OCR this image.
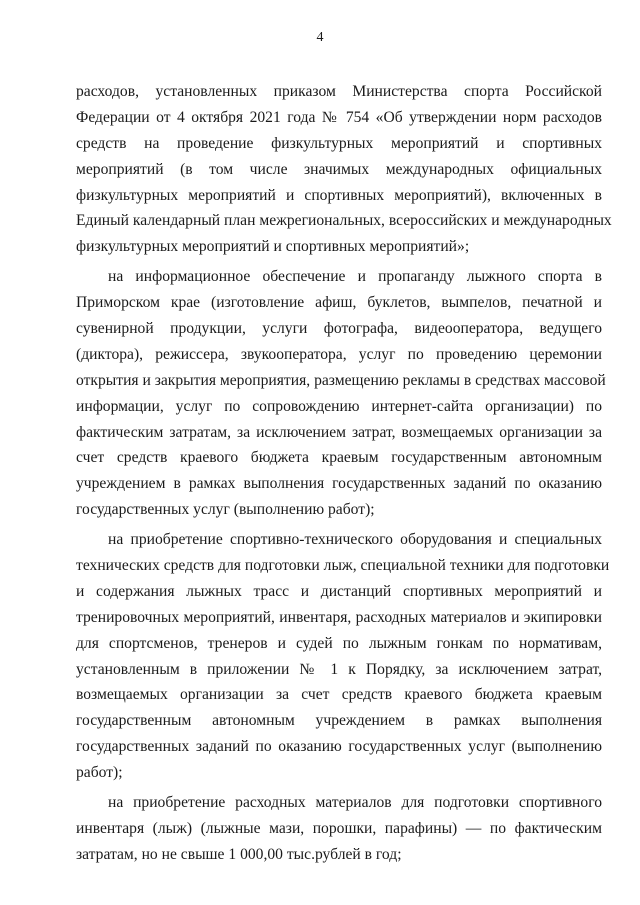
4
расходов, установленных приказом Министерства спорта Российской
Федерации от 4 октября 2021 года № 754 «Об утверждении норм расходов
средств на проведение физкультурных мероприятий и спортивных
мероприятий (в том числе значимых международных официальных
физкультурных мероприятий и спортивных мероприятий), включенных в
Единый календарный план межрегиональных, всероссийских и международных
физкультурных мероприятий и спортивных мероприятий»;
на информационное обеспечение и пропаганду лыжного спорта в
Приморском крае (изготовление афиш, буклетов, вымпелов, печатной и
сувенирной продукции, услуги фотографа, видеооператора, ведущего
(диктора), режиссера, звукооператора, услуг по проведению церемонии
открытия и закрытия мероприятия, размещению рекламы в средствах массовой
информации, услуг по сопровождению интернет-сайта организации) по
фактическим затратам, за исключением затрат, возмещаемых организации за
счет средств краевого бюджета краевым государственным автономным
учреждением в рамках выполнения государственных заданий по оказанию
государственных услуг (выполнению работ);
на приобретение спортивно-технического оборудования и специальных
технических средств для подготовки лыж, специальной техники для подготовки
и содержания лыжных трасс и дистанций спортивных мероприятий и
тренировочных мероприятий, инвентаря, расходных материалов и экипировки
для спортсменов, тренеров и судей по лыжным гонкам по нормативам,
установленным в приложении № 1 к Порядку, за исключением затрат,
возмещаемых организации за счет средств краевого бюджета краевым
государственным автономным учреждением в рамках выполнения
государственных заданий по оказанию государственных услуг (выполнению
работ);
на приобретение расходных материалов для подготовки спортивного
инвентаря (лыж) (лыжные мази, порошки, парафины) — по фактическим
затратам, но не свыше 1 000,00 тыс.рублей в год;
